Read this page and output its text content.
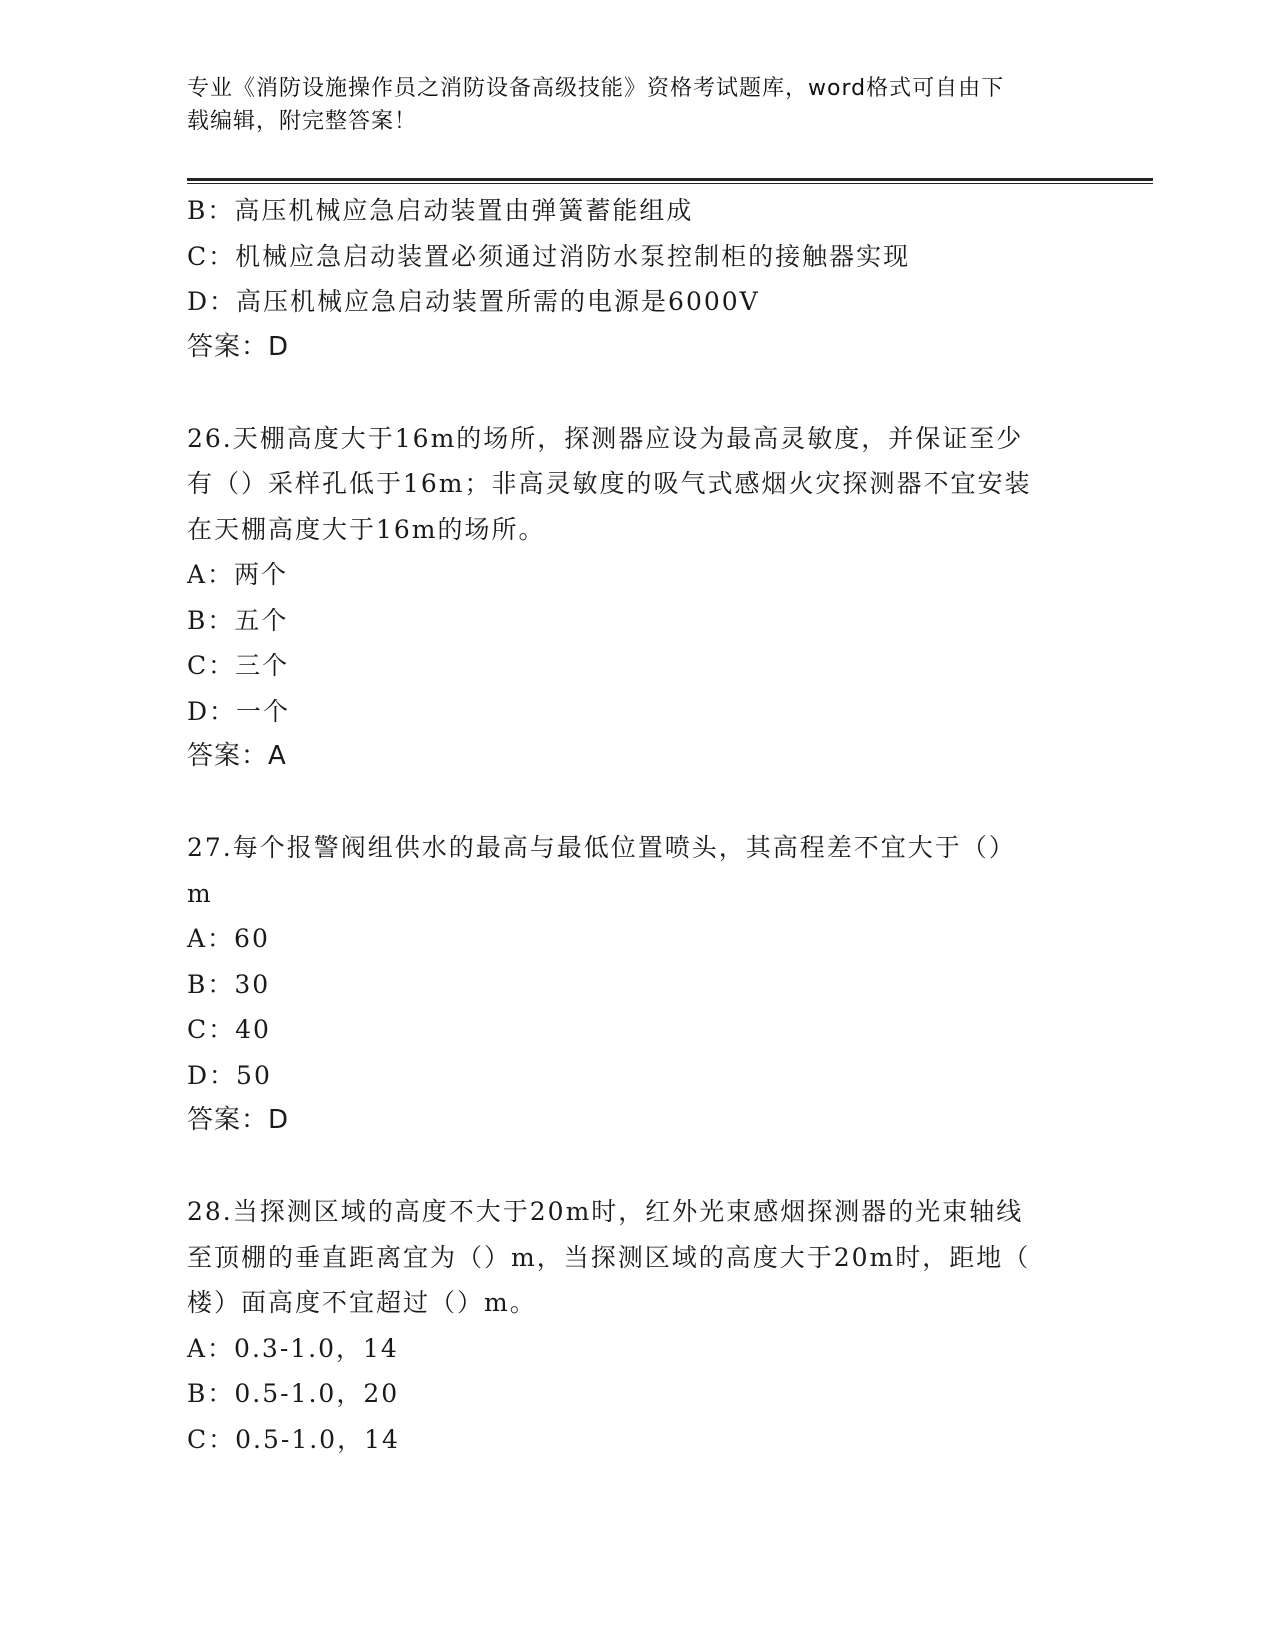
专业《消防设施操作员之消防设备高级技能》资格考试题库，word格式可自由下
载编辑，附完整答案！
B：高压机械应急启动装置由弹簧蓄能组成
C：机械应急启动装置必须通过消防水泵控制柜的接触器实现
D：高压机械应急启动装置所需的电源是6000V
答案：D
26.天棚高度大于16m的场所，探测器应设为最高灵敏度，并保证至少
有（）采样孔低于16m；非高灵敏度的吸气式感烟火灾探测器不宜安装
在天棚高度大于16m的场所。
A：两个
B：五个
C：三个
D：一个
答案：A
27.每个报警阀组供水的最高与最低位置喷头，其高程差不宜大于（）
m
A：60
B：30
C：40
D：50
答案：D
28.当探测区域的高度不大于20m时，红外光束感烟探测器的光束轴线
至顶棚的垂直距离宜为（）m，当探测区域的高度大于20m时，距地（
楼）面高度不宜超过（）m。
A：0.3-1.0，14
B：0.5-1.0，20
C：0.5-1.0，14
